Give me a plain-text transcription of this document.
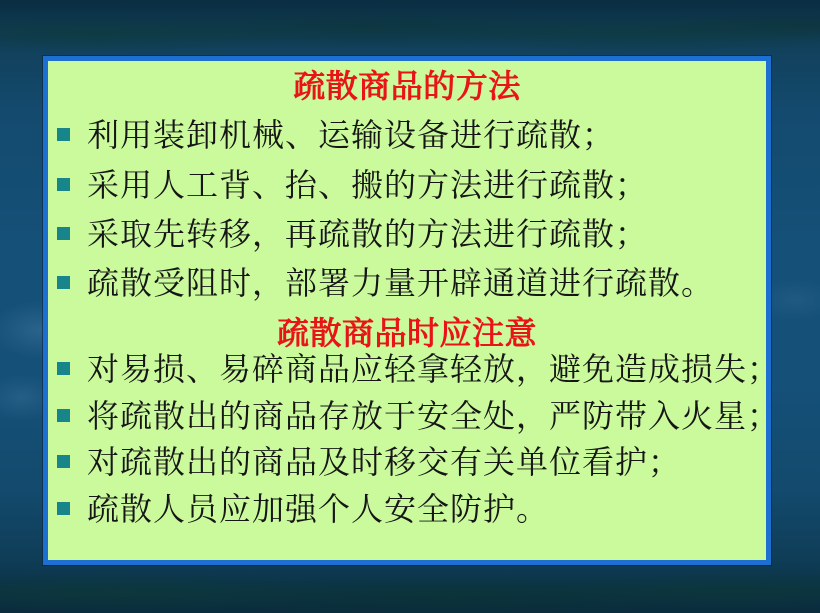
疏散商品的方法
利用装卸机械、运输设备进行疏散；
采用人工背、抬、搬的方法进行疏散；
采取先转移，再疏散的方法进行疏散；
疏散受阻时，部署力量开辟通道进行疏散。
疏散商品时应注意
对易损、易碎商品应轻拿轻放，避免造成损失；
将疏散出的商品存放于安全处，严防带入火星；
对疏散出的商品及时移交有关单位看护；
疏散人员应加强个人安全防护。
